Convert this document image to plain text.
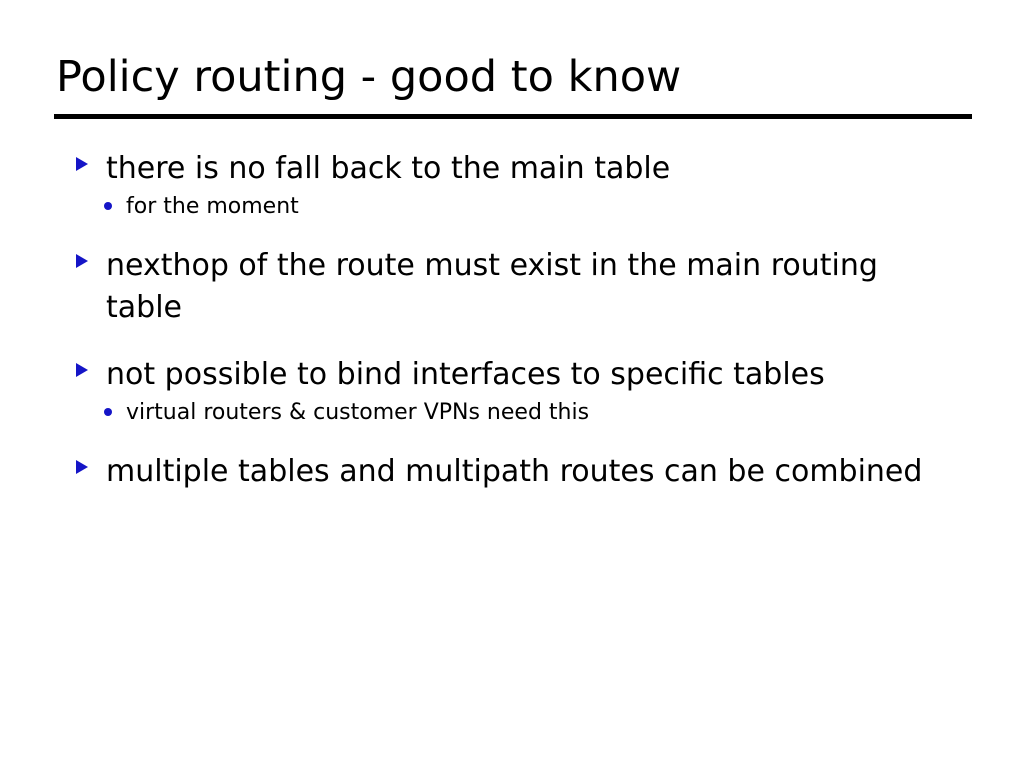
Policy routing - good to know
there is no fall back to the main table
for the moment
nexthop of the route must exist in the main routing table
not possible to bind interfaces to specific tables
virtual routers & customer VPNs need this
multiple tables and multipath routes can be combined
